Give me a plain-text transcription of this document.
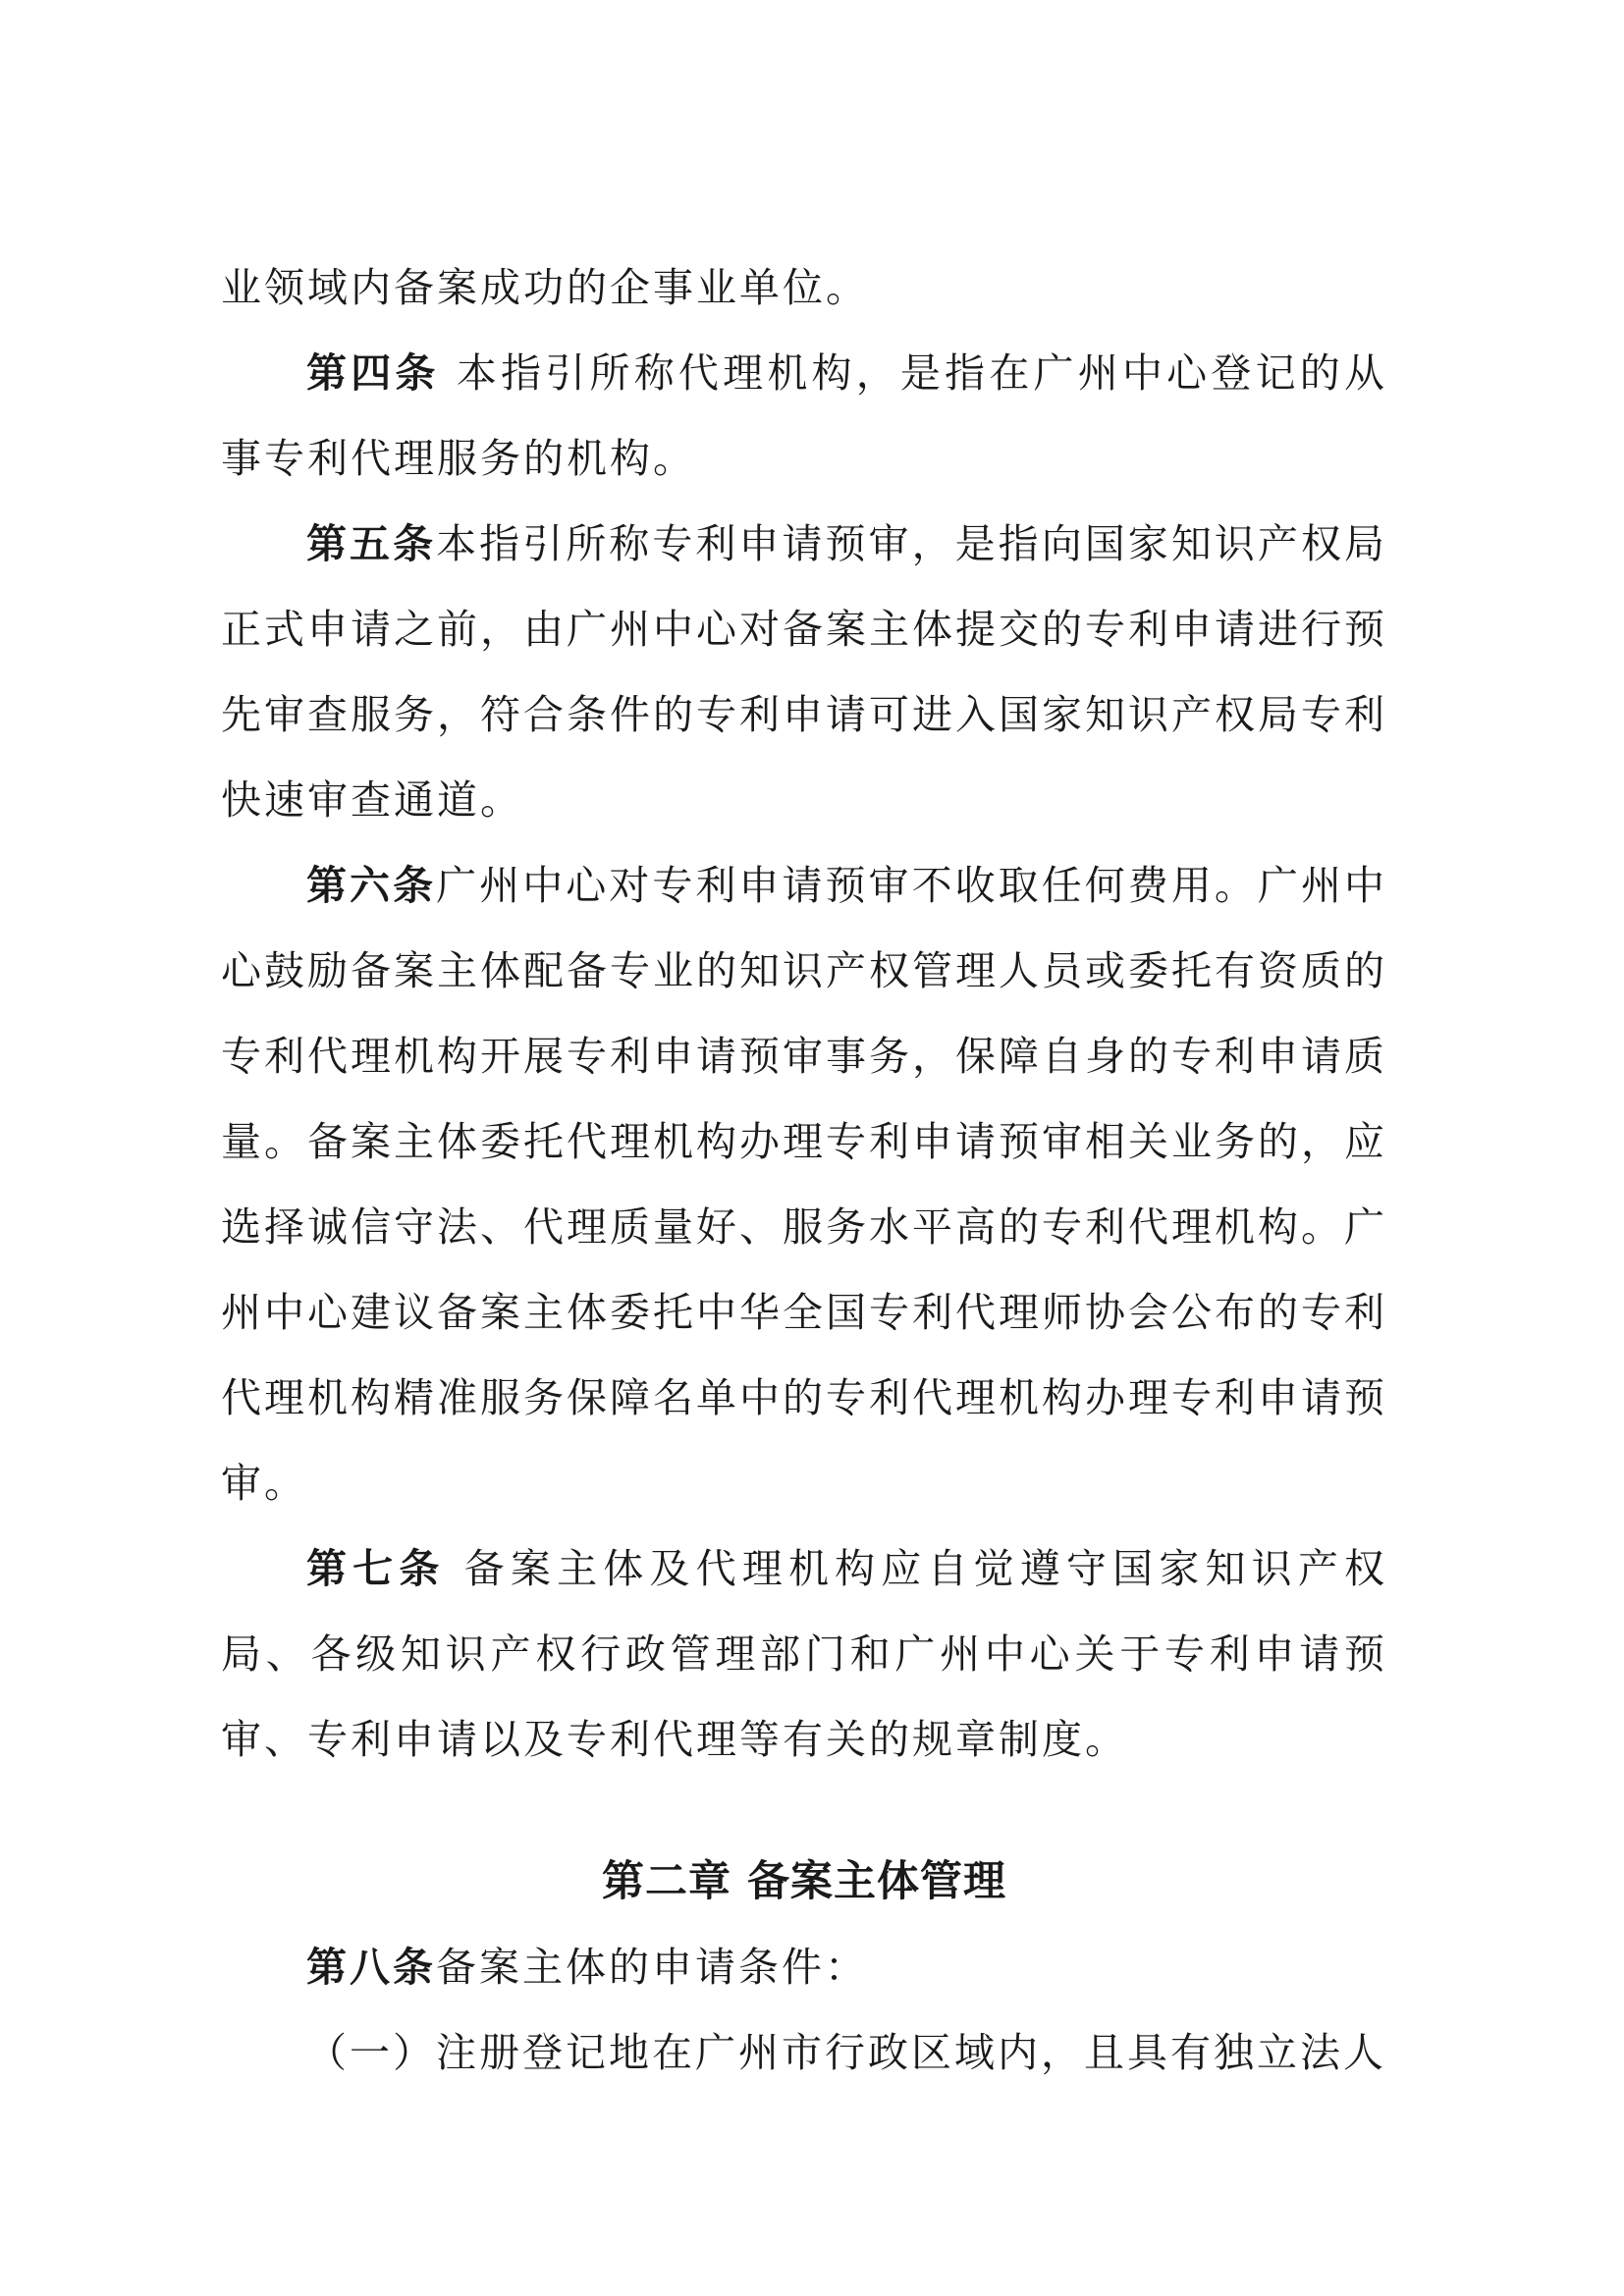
业领域内备案成功的企事业单位。

第四条 本指引所称代理机构，是指在广州中心登记的从事专利代理服务的机构。

第五条本指引所称专利申请预审，是指向国家知识产权局正式申请之前，由广州中心对备案主体提交的专利申请进行预先审查服务，符合条件的专利申请可进入国家知识产权局专利快速审查通道。

第六条广州中心对专利申请预审不收取任何费用。广州中心鼓励备案主体配备专业的知识产权管理人员或委托有资质的专利代理机构开展专利申请预审事务，保障自身的专利申请质量。备案主体委托代理机构办理专利申请预审相关业务的，应选择诚信守法、代理质量好、服务水平高的专利代理机构。广州中心建议备案主体委托中华全国专利代理师协会公布的专利代理机构精准服务保障名单中的专利代理机构办理专利申请预审。

第七条 备案主体及代理机构应自觉遵守国家知识产权局、各级知识产权行政管理部门和广州中心关于专利申请预审、专利申请以及专利代理等有关的规章制度。

第二章 备案主体管理

第八条备案主体的申请条件：

（一）注册登记地在广州市行政区域内，且具有独立法人
